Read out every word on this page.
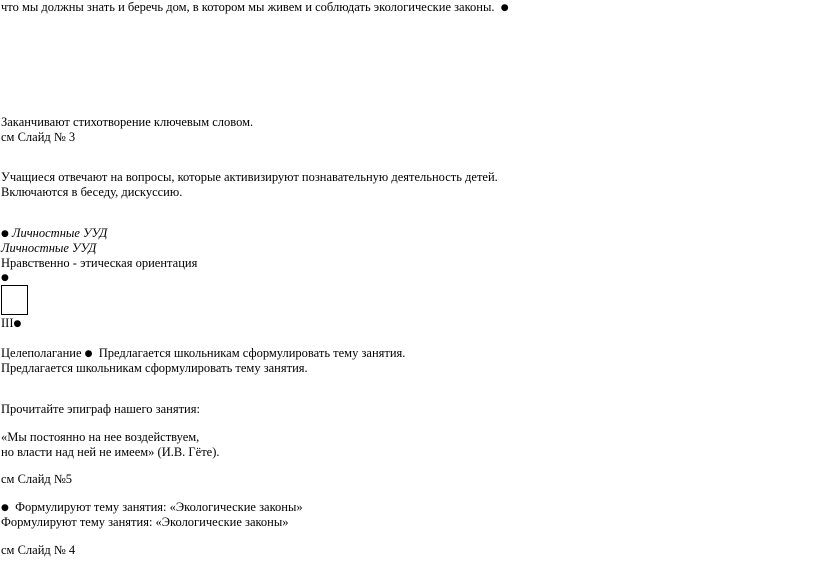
что мы должны знать и беречь дом, в котором мы живем и соблюдать экологические законы. ●
Заканчивают стихотворение ключевым словом.
см Слайд № 3
Учащиеся отвечают на вопросы, которые активизируют познавательную деятельность детей.
Включаются в беседу, дискуссию.
● Личностные УУД
Личностные УУД
Нравственно - этическая ориентация
●
III●
Целеполагание ● Предлагается школьникам сформулировать тему занятия.
Предлагается школьникам сформулировать тему занятия.
Прочитайте эпиграф нашего занятия:
«Мы постоянно на нее воздействуем,
но власти над ней не имеем» (И.В. Гёте).
см Слайд №5
● Формулируют тему занятия: «Экологические законы»
Формулируют тему занятия: «Экологические законы»
см Слайд № 4
